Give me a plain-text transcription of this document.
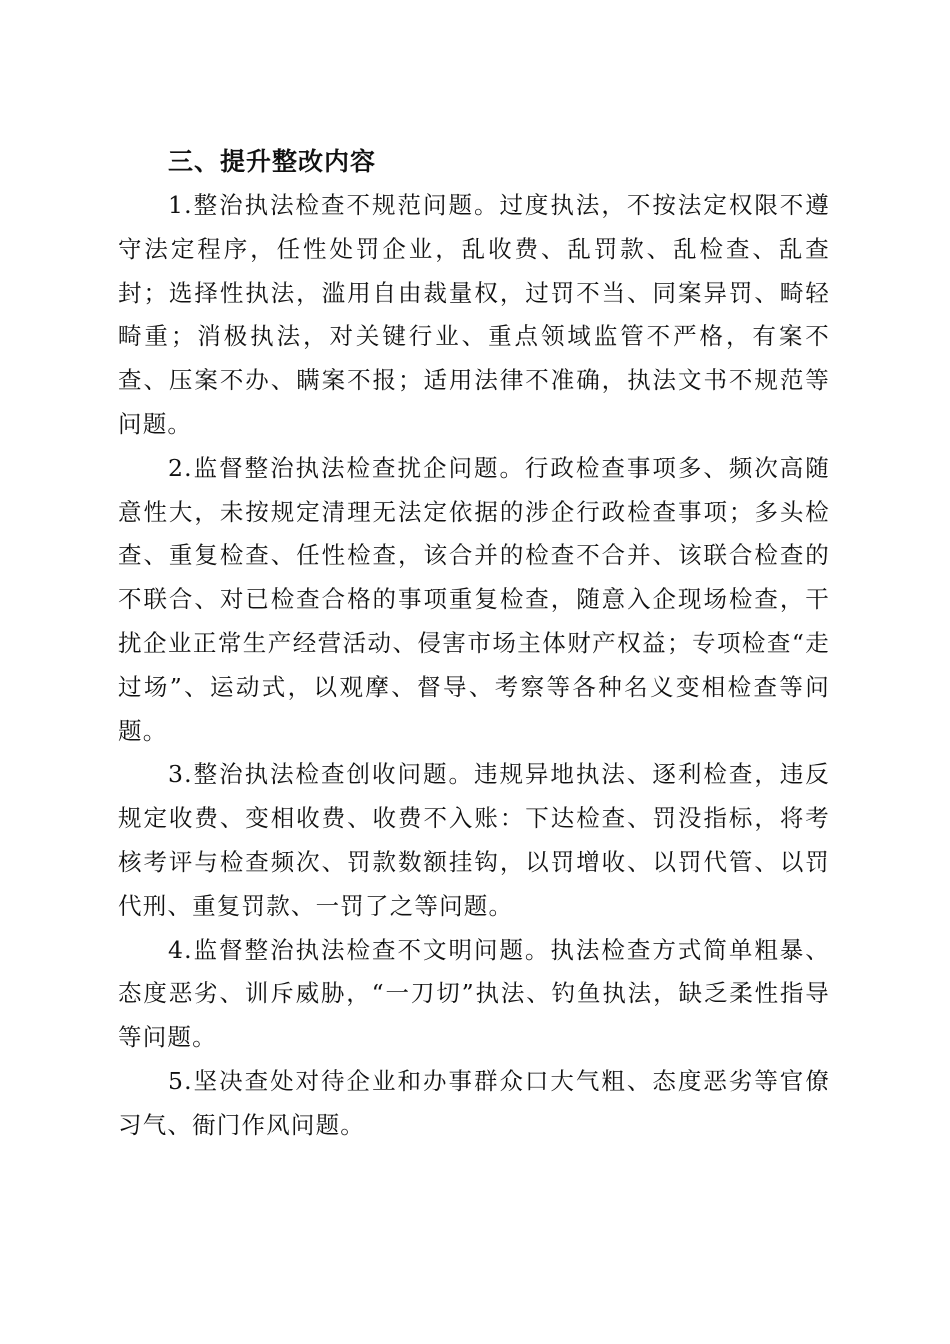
三、提升整改内容

1.整治执法检查不规范问题。过度执法，不按法定权限不遵守法定程序，任性处罚企业，乱收费、乱罚款、乱检查、乱查封；选择性执法，滥用自由裁量权，过罚不当、同案异罚、畸轻畸重；消极执法，对关键行业、重点领域监管不严格，有案不查、压案不办、瞒案不报；适用法律不准确，执法文书不规范等问题。

2.监督整治执法检查扰企问题。行政检查事项多、频次高随意性大，未按规定清理无法定依据的涉企行政检查事项；多头检查、重复检查、任性检查，该合并的检查不合并、该联合检查的不联合、对已检查合格的事项重复检查，随意入企现场检查，干扰企业正常生产经营活动、侵害市场主体财产权益；专项检查“走过场”、运动式，以观摩、督导、考察等各种名义变相检查等问题。

3.整治执法检查创收问题。违规异地执法、逐利检查，违反规定收费、变相收费、收费不入账：下达检查、罚没指标，将考核考评与检查频次、罚款数额挂钩，以罚增收、以罚代管、以罚代刑、重复罚款、一罚了之等问题。

4.监督整治执法检查不文明问题。执法检查方式简单粗暴、态度恶劣、训斥威胁，“一刀切”执法、钓鱼执法，缺乏柔性指导等问题。

5.坚决查处对待企业和办事群众口大气粗、态度恶劣等官僚习气、衙门作风问题。
